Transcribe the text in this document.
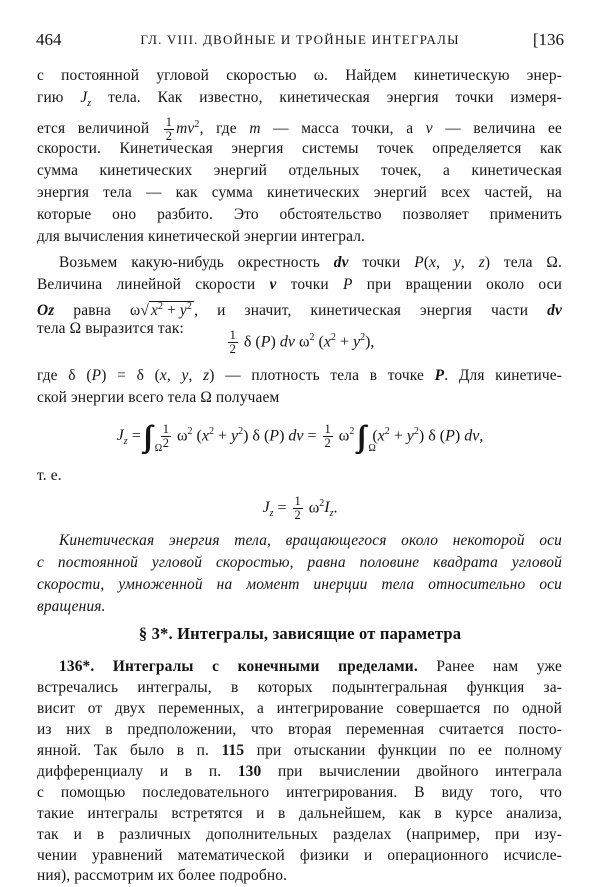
464	ГЛ. VIII. ДВОЙНЫЕ И ТРОЙНЫЕ ИНТЕГРАЛЫ	[136
с постоянной угловой скоростью ω. Найдем кинетическую энер-
гию $J_z$ тела. Как известно, кинетическая энергия точки измеря-
ется величиной $\frac{1}{2} mv^2$, где m — масса точки, а v — величина ее
скорости. Кинетическая энергия системы точек определяется как
сумма кинетических энергий отдельных точек, а кинетическая
энергия тела — как сумма кинетических энергий всех частей, на
которые оно разбито. Это обстоятельство позволяет применить
для вычисления кинетической энергии интеграл.
Возьмем какую-нибудь окрестность dv точки P(x, y, z) тела Ω.
Величина линейной скорости v точки P при вращении около оси
Oz равна ω√ $x^2 + y^2$ , и значит, кинетическая энергия части dv
тела Ω выразится так:
$\frac{1}{2}$ δ (P) dv $\omega^2$ $(x^2 + y^2)$,
где δ (P) = δ (x, y, z) — плотность тела в точке P. Для кинетиче-
ской энергии всего тела Ω получаем
$J_z$ =
Ω

$\frac{1}{2} \omega^2$ $(x^2 + y^2)$ δ (P) dv = $\frac{1}{2} \omega^2$
Ω
$(x^2 + y^2)$ δ (P) dv,
т. е.
$J_z = \frac{1}{2} \omega^2I_z$.
Кинетическая энергия тела, вращающегося около некоторой оси
с постоянной угловой скоростью, равна половине квадрата угловой
скорости, умноженной на момент инерции тела относительно оси
вращения.
§ 3*. Интегралы, зависящие от параметра
136*. Интегралы с конечными пределами. Ранее нам уже
встречались интегралы, в которых подынтегральная функция за-
висит от двух переменных, а интегрирование совершается по одной
из них в предположении, что вторая переменная считается посто-
янной. Так было в п. 115 при отыскании функции по ее полному
дифференциалу и в п. 130 при вычислении двойного интеграла
с помощью последовательного интегрирования. В виду того, что
такие интегралы встретятся и в дальнейшем, как в курсе анализа,
так и в различных дополнительных разделах (например, при изу-
чении уравнений математической физики и операционного исчисле-
ния), рассмотрим их более подробно.
